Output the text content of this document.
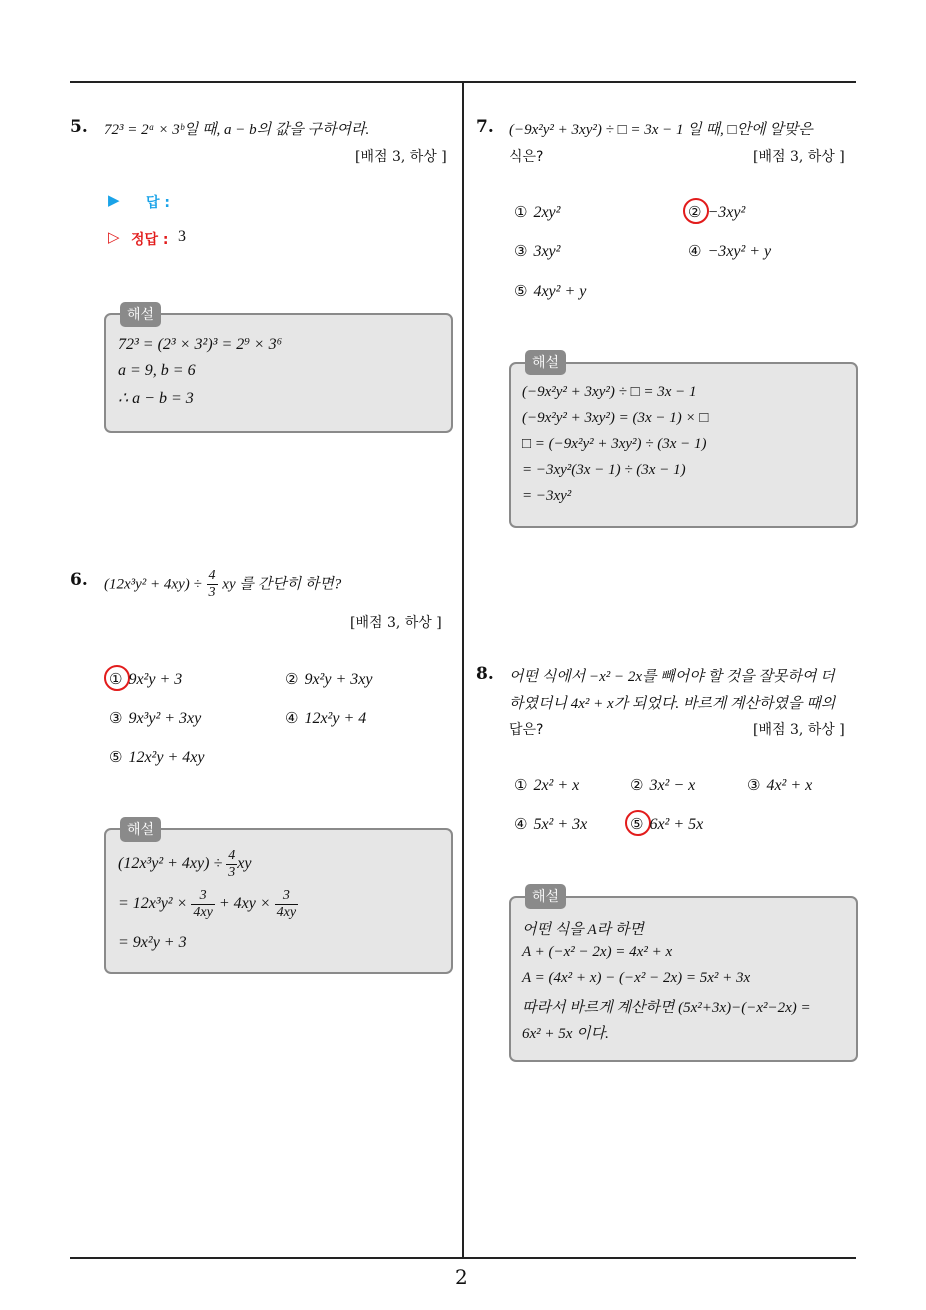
5. 72³ = 2ᵃ × 3ᵇ일 때, a − b의 값을 구하여라.
[배점 3, 하상 ]
▶ 답 :
▷ 정답 : 3
해설
72³ = (2³ × 3²)³ = 2⁹ × 3⁶
a = 9, b = 6
∴ a − b = 3
6. $(12x^3y^2 + 4xy) \div \frac{4}{3}$ xy 를 간단히 하면?
[배점 3, 하상 ]
① 9x²y + 3	② 9x²y + 3xy
③ 9x³y² + 3xy	④ 12x²y + 4
⑤ 12x²y + 4xy
해설
$(12x^3y^2 + 4xy) \div \frac{4}{3}$ xy
= $12x^3y^2 \times \frac{3}{4xy} + 4xy \times \frac{3}{4xy}$
= 9x²y + 3
7. (−9x²y² + 3xy²) ÷ □ = 3x − 1 일 때, □안에 알맞은
식은?	[배점 3, 하상 ]
① 2xy²	② −3xy²
③ 3xy²	④ −3xy² + y
⑤ 4xy² + y
해설
(−9x²y² + 3xy²) ÷ □ = 3x − 1
(−9x²y² + 3xy²) = (3x − 1) × □
□ = (−9x²y² + 3xy²) ÷ (3x − 1)
= −3xy²(3x − 1) ÷ (3x − 1)
= −3xy²
8. 어떤 식에서 −x² − 2x를 빼어야 할 것을 잘못하여 더
하였더니 4x² + x가 되었다. 바르게 계산하였을 때의
답은?	[배점 3, 하상 ]
① 2x² + x	② 3x² − x	③ 4x² + x
④ 5x² + 3x	⑤ 6x² + 5x
해설
어떤 식을 A라 하면
A + (−x² − 2x) = 4x² + x
A = (4x² + x) − (−x² − 2x) = 5x² + 3x
따라서 바르게 계산하면 (5x²+3x)−(−x²−2x) =
6x² + 5x 이다.
2
